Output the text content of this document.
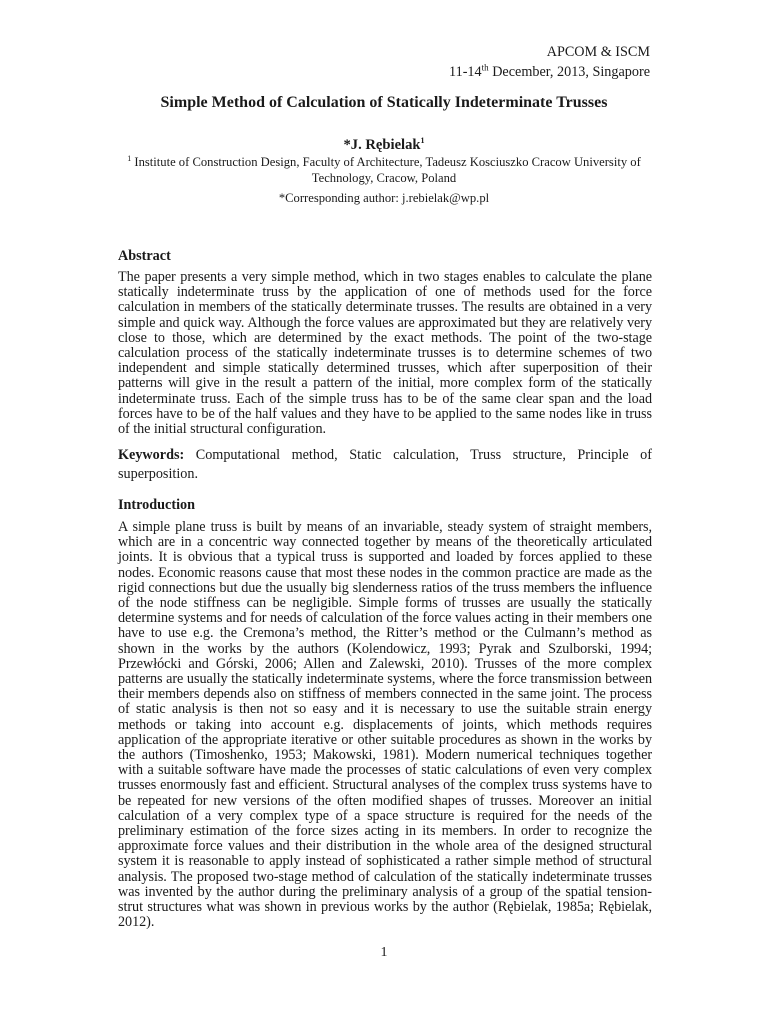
APCOM & ISCM
11-14th December, 2013, Singapore
Simple Method of Calculation of Statically Indeterminate Trusses
*J. Rębielak$^1$
$^1$ Institute of Construction Design, Faculty of Architecture, Tadeusz Kosciuszko Cracow University of Technology, Cracow, Poland
*Corresponding author: j.rebielak@wp.pl
Abstract
The paper presents a very simple method, which in two stages enables to calculate the plane statically indeterminate truss by the application of one of methods used for the force calculation in members of the statically determinate trusses. The results are obtained in a very simple and quick way. Although the force values are approximated but they are relatively very close to those, which are determined by the exact methods. The point of the two-stage calculation process of the statically indeterminate trusses is to determine schemes of two independent and simple statically determined trusses, which after superposition of their patterns will give in the result a pattern of the initial, more complex form of the statically indeterminate truss. Each of the simple truss has to be of the same clear span and the load forces have to be of the half values and they have to be applied to the same nodes like in truss of the initial structural configuration.
Keywords: Computational method, Static calculation, Truss structure, Principle of superposition.
Introduction
A simple plane truss is built by means of an invariable, steady system of straight members, which are in a concentric way connected together by means of the theoretically articulated joints. It is obvious that a typical truss is supported and loaded by forces applied to these nodes. Economic reasons cause that most these nodes in the common practice are made as the rigid connections but due the usually big slenderness ratios of the truss members the influence of the node stiffness can be negligible. Simple forms of trusses are usually the statically determine systems and for needs of calculation of the force values acting in their members one have to use e.g. the Cremona’s method, the Ritter’s method or the Culmann’s method as shown in the works by the authors (Kolendowicz, 1993; Pyrak and Szulborski, 1994; Przewłócki and Górski, 2006; Allen and Zalewski, 2010). Trusses of the more complex patterns are usually the statically indeterminate systems, where the force transmission between their members depends also on stiffness of members connected in the same joint. The process of static analysis is then not so easy and it is necessary to use the suitable strain energy methods or taking into account e.g. displacements of joints, which methods requires application of the appropriate iterative or other suitable procedures as shown in the works by the authors (Timoshenko, 1953; Makowski, 1981). Modern numerical techniques together with a suitable software have made the processes of static calculations of even very complex trusses enormously fast and efficient. Structural analyses of the complex truss systems have to be repeated for new versions of the often modified shapes of trusses. Moreover an initial calculation of a very complex type of a space structure is required for the needs of the preliminary estimation of the force sizes acting in its members. In order to recognize the approximate force values and their distribution in the whole area of the designed structural system it is reasonable to apply instead of sophisticated a rather simple method of structural analysis. The proposed two-stage method of calculation of the statically indeterminate trusses was invented by the author during the preliminary analysis of a group of the spatial tension-strut structures what was shown in previous works by the author (Rębielak, 1985a; Rębielak, 2012).
1
